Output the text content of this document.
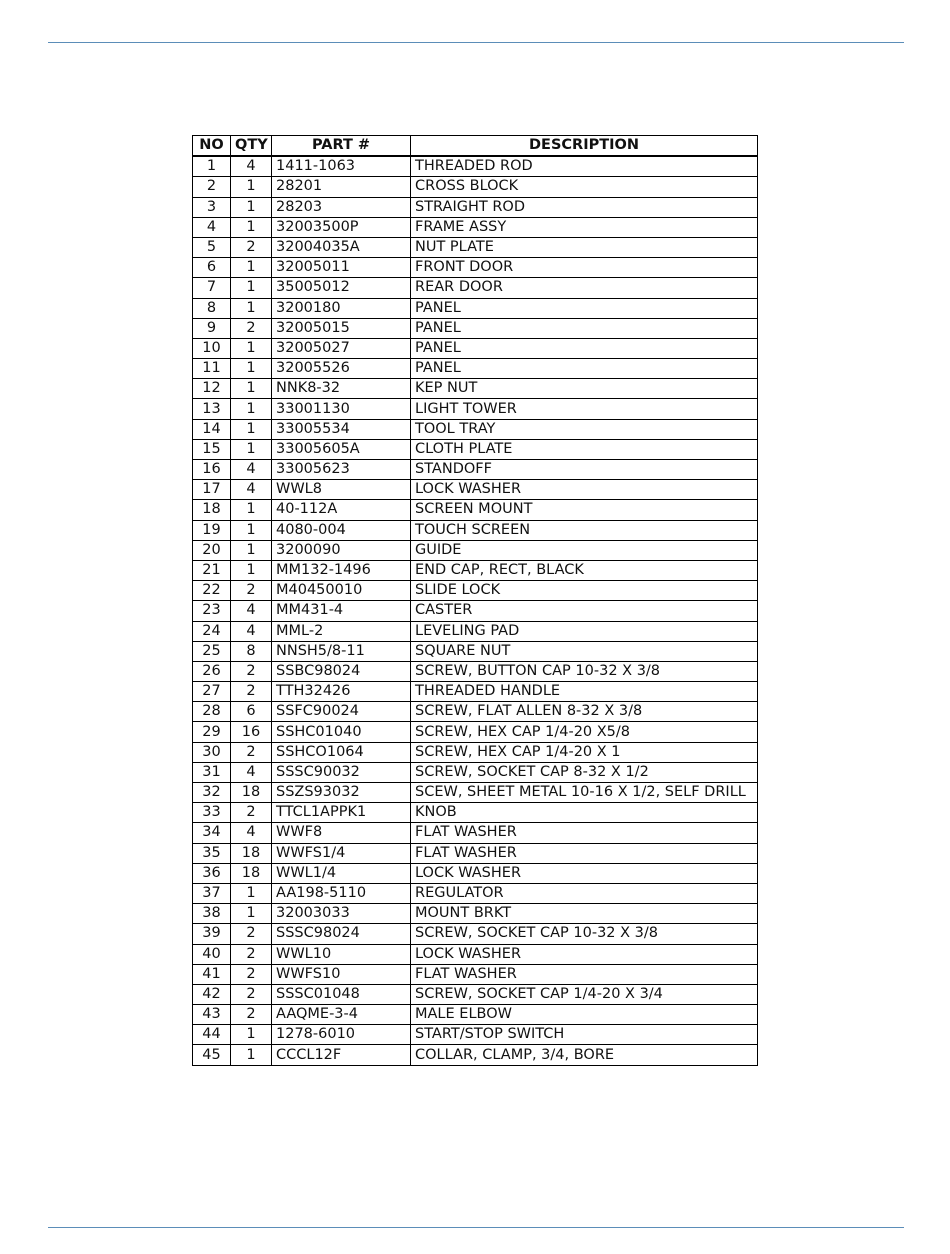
NO	QTY	PART #	DESCRIPTION
1	4	1411-1063	THREADED ROD
2	1	28201	CROSS BLOCK
3	1	28203	STRAIGHT ROD
4	1	32003500P	FRAME ASSY
5	2	32004035A	NUT PLATE
6	1	32005011	FRONT DOOR
7	1	35005012	REAR DOOR
8	1	3200180	PANEL
9	2	32005015	PANEL
10	1	32005027	PANEL
11	1	32005526	PANEL
12	1	NNK8-32	KEP NUT
13	1	33001130	LIGHT TOWER
14	1	33005534	TOOL TRAY
15	1	33005605A	CLOTH PLATE
16	4	33005623	STANDOFF
17	4	WWL8	LOCK WASHER
18	1	40-112A	SCREEN MOUNT
19	1	4080-004	TOUCH SCREEN
20	1	3200090	GUIDE
21	1	MM132-1496	END CAP, RECT, BLACK
22	2	M40450010	SLIDE LOCK
23	4	MM431-4	CASTER
24	4	MML-2	LEVELING PAD
25	8	NNSH5/8-11	SQUARE NUT
26	2	SSBC98024	SCREW, BUTTON CAP 10-32 X 3/8
27	2	TTH32426	THREADED HANDLE
28	6	SSFC90024	SCREW, FLAT ALLEN 8-32 X 3/8
29	16	SSHC01040	SCREW, HEX CAP 1/4-20 X5/8
30	2	SSHCO1064	SCREW, HEX CAP 1/4-20 X 1
31	4	SSSC90032	SCREW, SOCKET CAP 8-32 X 1/2
32	18	SSZS93032	SCEW, SHEET METAL 10-16 X 1/2, SELF DRILL
33	2	TTCL1APPK1	KNOB
34	4	WWF8	FLAT WASHER
35	18	WWFS1/4	FLAT WASHER
36	18	WWL1/4	LOCK WASHER
37	1	AA198-5110	REGULATOR
38	1	32003033	MOUNT BRKT
39	2	SSSC98024	SCREW, SOCKET CAP 10-32 X 3/8
40	2	WWL10	LOCK WASHER
41	2	WWFS10	FLAT WASHER
42	2	SSSC01048	SCREW, SOCKET CAP 1/4-20 X 3/4
43	2	AAQME-3-4	MALE ELBOW
44	1	1278-6010	START/STOP SWITCH
45	1	CCCL12F	COLLAR, CLAMP, 3/4, BORE
